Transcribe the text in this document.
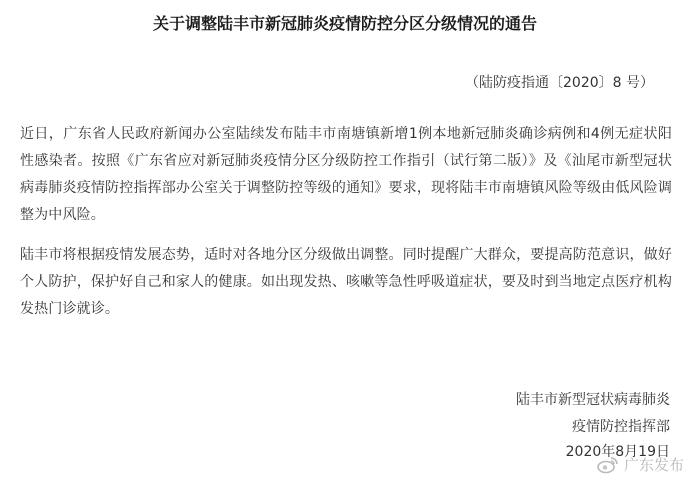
关于调整陆丰市新冠肺炎疫情防控分区分级情况的通告
（陆防疫指通〔2020〕8 号）
近日，广东省人民政府新闻办公室陆续发布陆丰市南塘镇新增1例本地新冠肺炎确诊病例和4例无症状阳性感染者。按照《广东省应对新冠肺炎疫情分区分级防控工作指引（试行第二版）》及《汕尾市新型冠状病毒肺炎疫情防控指挥部办公室关于调整防控等级的通知》要求，现将陆丰市南塘镇风险等级由低风险调整为中风险。
陆丰市将根据疫情发展态势，适时对各地分区分级做出调整。同时提醒广大群众，要提高防范意识，做好个人防护，保护好自己和家人的健康。如出现发热、咳嗽等急性呼吸道症状，要及时到当地定点医疗机构发热门诊就诊。
陆丰市新型冠状病毒肺炎
疫情防控指挥部
2020年8月19日
广东发布
